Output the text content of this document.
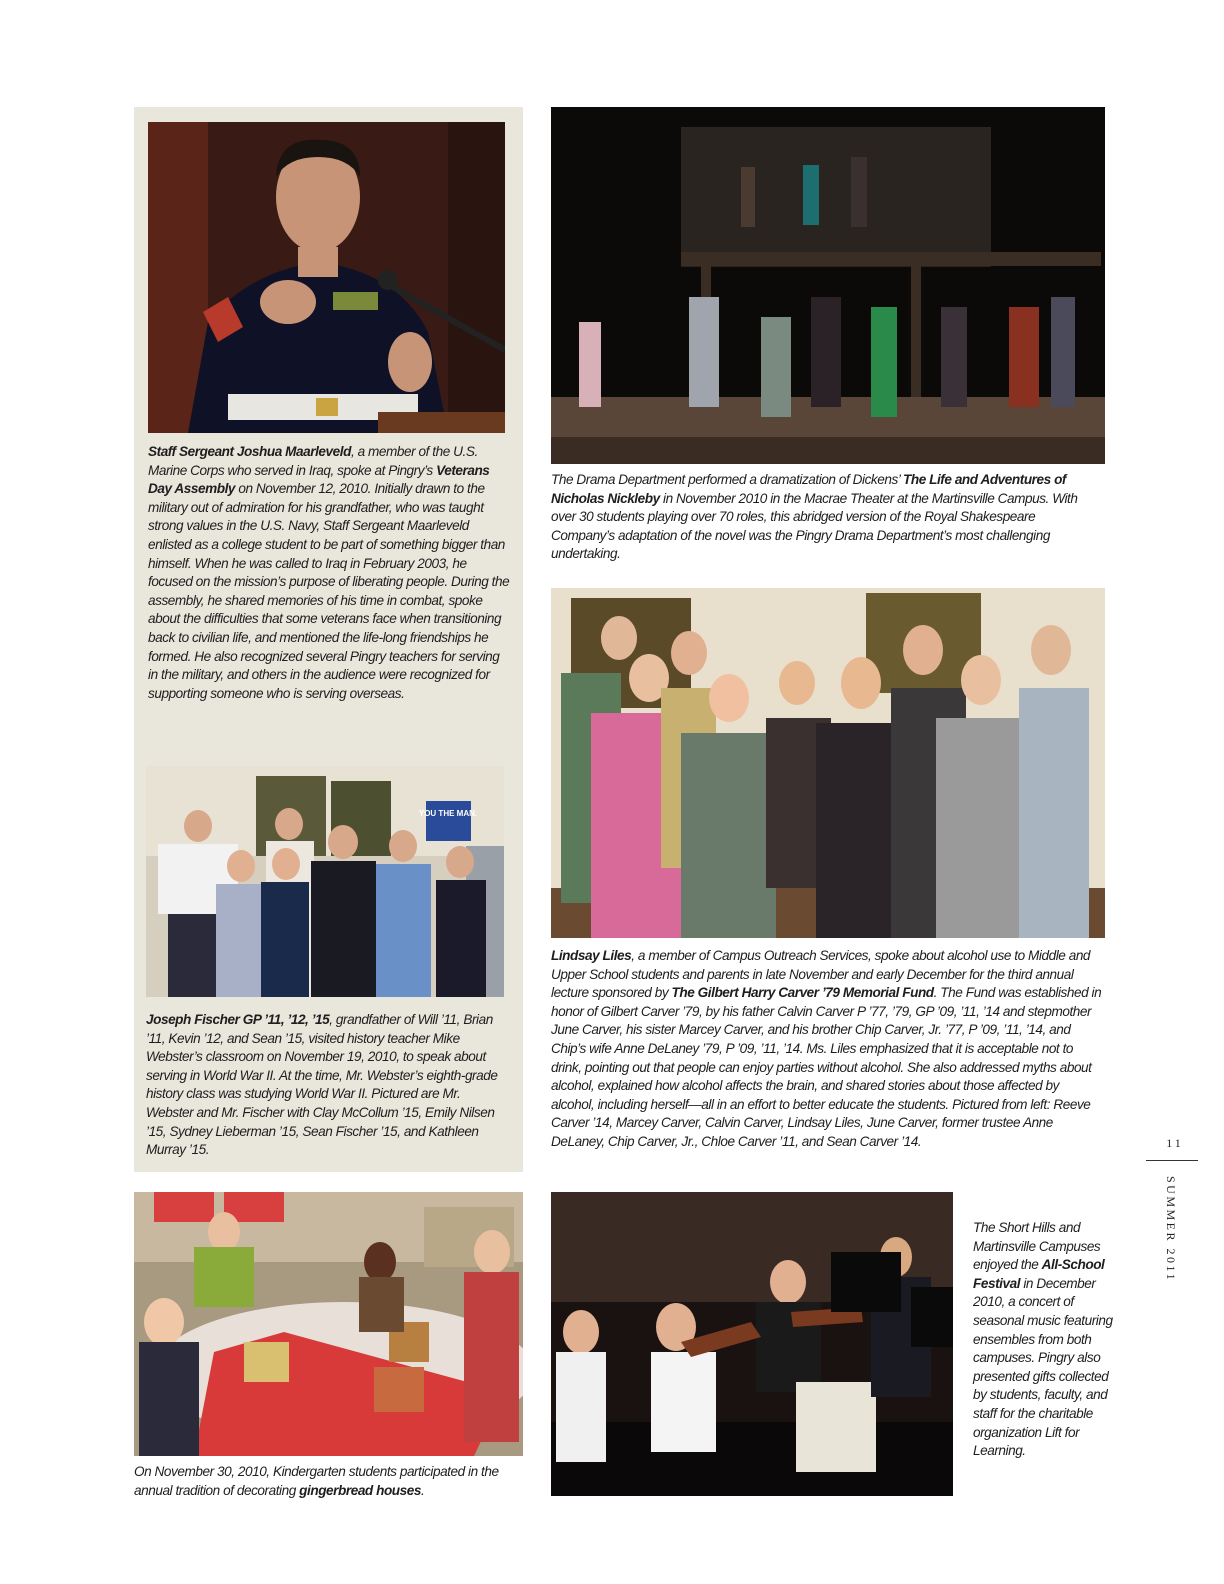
Staff Sergeant Joshua Maarleveld, a member of the U.S. Marine Corps who served in Iraq, spoke at Pingry’s Veterans Day Assembly on November 12, 2010. Initially drawn to the military out of admiration for his grandfather, who was taught strong values in the U.S. Navy, Staff Sergeant Maarleveld enlisted as a college student to be part of something bigger than himself. When he was called to Iraq in February 2003, he focused on the mission’s purpose of liberating people. During the assembly, he shared memories of his time in combat, spoke about the difficulties that some veterans face when transitioning back to civilian life, and mentioned the life-long friendships he formed. He also recognized several Pingry teachers for serving in the military, and others in the audience were recognized for supporting someone who is serving overseas.

YOU THE MAN.

Joseph Fischer GP ’11, ’12, ’15, grandfather of Will ’11, Brian ’11, Kevin ’12, and Sean ’15, visited history teacher Mike Webster’s classroom on November 19, 2010, to speak about serving in World War II. At the time, Mr. Webster’s eighth-grade history class was studying World War II. Pictured are Mr. Webster and Mr. Fischer with Clay McCollum ’15, Emily Nilsen ’15, Sydney Lieberman ’15, Sean Fischer ’15, and Kathleen Murray ’15.

The Drama Department performed a dramatization of Dickens’ The Life and Adventures of Nicholas Nickleby in November 2010 in the Macrae Theater at the Martinsville Campus. With over 30 students playing over 70 roles, this abridged version of the Royal Shakespeare Company’s adaptation of the novel was the Pingry Drama Department’s most challenging undertaking.

Lindsay Liles, a member of Campus Outreach Services, spoke about alcohol use to Middle and Upper School students and parents in late November and early December for the third annual lecture sponsored by The Gilbert Harry Carver ’79 Memorial Fund. The Fund was established in honor of Gilbert Carver ’79, by his father Calvin Carver P ’77, ’79, GP ’09, ’11, ’14 and stepmother June Carver, his sister Marcey Carver, and his brother Chip Carver, Jr. ’77, P ’09, ’11, ’14, and Chip’s wife Anne DeLaney ’79, P ’09, ’11, ’14. Ms. Liles emphasized that it is acceptable not to drink, pointing out that people can enjoy parties without alcohol. She also addressed myths about alcohol, explained how alcohol affects the brain, and shared stories about those affected by alcohol, including herself—all in an effort to better educate the students. Pictured from left: Reeve Carver ’14, Marcey Carver, Calvin Carver, Lindsay Liles, June Carver, former trustee Anne DeLaney, Chip Carver, Jr., Chloe Carver ’11, and Sean Carver ’14.

On November 30, 2010, Kindergarten students participated in the annual tradition of decorating gingerbread houses.

The Short Hills and Martinsville Campuses enjoyed the All-School Festival in December 2010, a concert of seasonal music featuring ensembles from both campuses. Pingry also presented gifts collected by students, faculty, and staff for the charitable organization Lift for Learning.

11
SUMMER 2011
